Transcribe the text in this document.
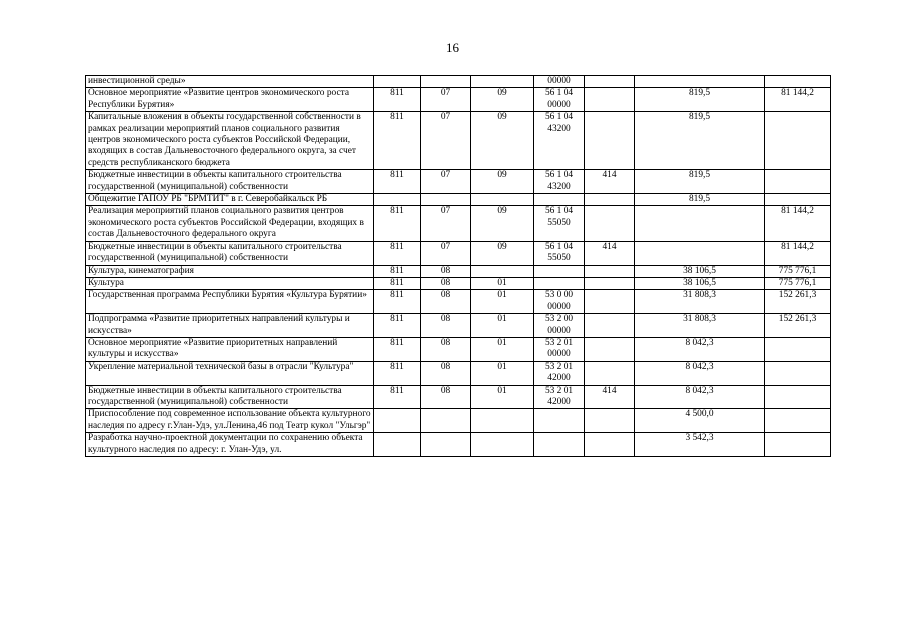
16
инвестиционной среды»				00000			
Основное мероприятие «Развитие центров экономического роста Республики Бурятия»	811	07	09	56 1 04 00000		819,5	81 144,2
Капитальные вложения в объекты государственной собственности в рамках реализации мероприятий планов социального развития центров экономического роста субъектов Российской Федерации, входящих в состав Дальневосточного федерального округа, за счет средств республиканского бюджета	811	07	09	56 1 04 43200		819,5	
Бюджетные инвестиции в объекты капитального строительства государственной (муниципальной) собственности	811	07	09	56 1 04 43200	414	819,5	
Общежитие ГАПОУ РБ "БРМТИТ" в г. Северобайкальск РБ						819,5	
Реализация мероприятий планов социального развития центров экономического роста субъектов Российской Федерации, входящих в состав Дальневосточного федерального округа	811	07	09	56 1 04 55050			81 144,2
Бюджетные инвестиции в объекты капитального строительства государственной (муниципальной) собственности	811	07	09	56 1 04 55050	414		81 144,2
Культура, кинематография	811	08				38 106,5	775 776,1
Культура	811	08	01			38 106,5	775 776,1
Государственная программа Республики Бурятия «Культура Бурятии»	811	08	01	53 0 00 00000		31 808,3	152 261,3
Подпрограмма «Развитие приоритетных направлений культуры и искусства»	811	08	01	53 2 00 00000		31 808,3	152 261,3
Основное мероприятие «Развитие приоритетных направлений культуры и искусства»	811	08	01	53 2 01 00000		8 042,3	
Укрепление материальной технической базы в отрасли "Культура"	811	08	01	53 2 01 42000		8 042,3	
Бюджетные инвестиции в объекты капитального строительства государственной (муниципальной) собственности	811	08	01	53 2 01 42000	414	8 042,3	
Приспособление под современное использование объекта культурного наследия по адресу г.Улан-Удэ, ул.Ленина,46 под Театр кукол "Ульгэр"						4 500,0	
Разработка научно-проектной документации по сохранению объекта культурного наследия по адресу: г. Улан-Удэ, ул.						3 542,3	
